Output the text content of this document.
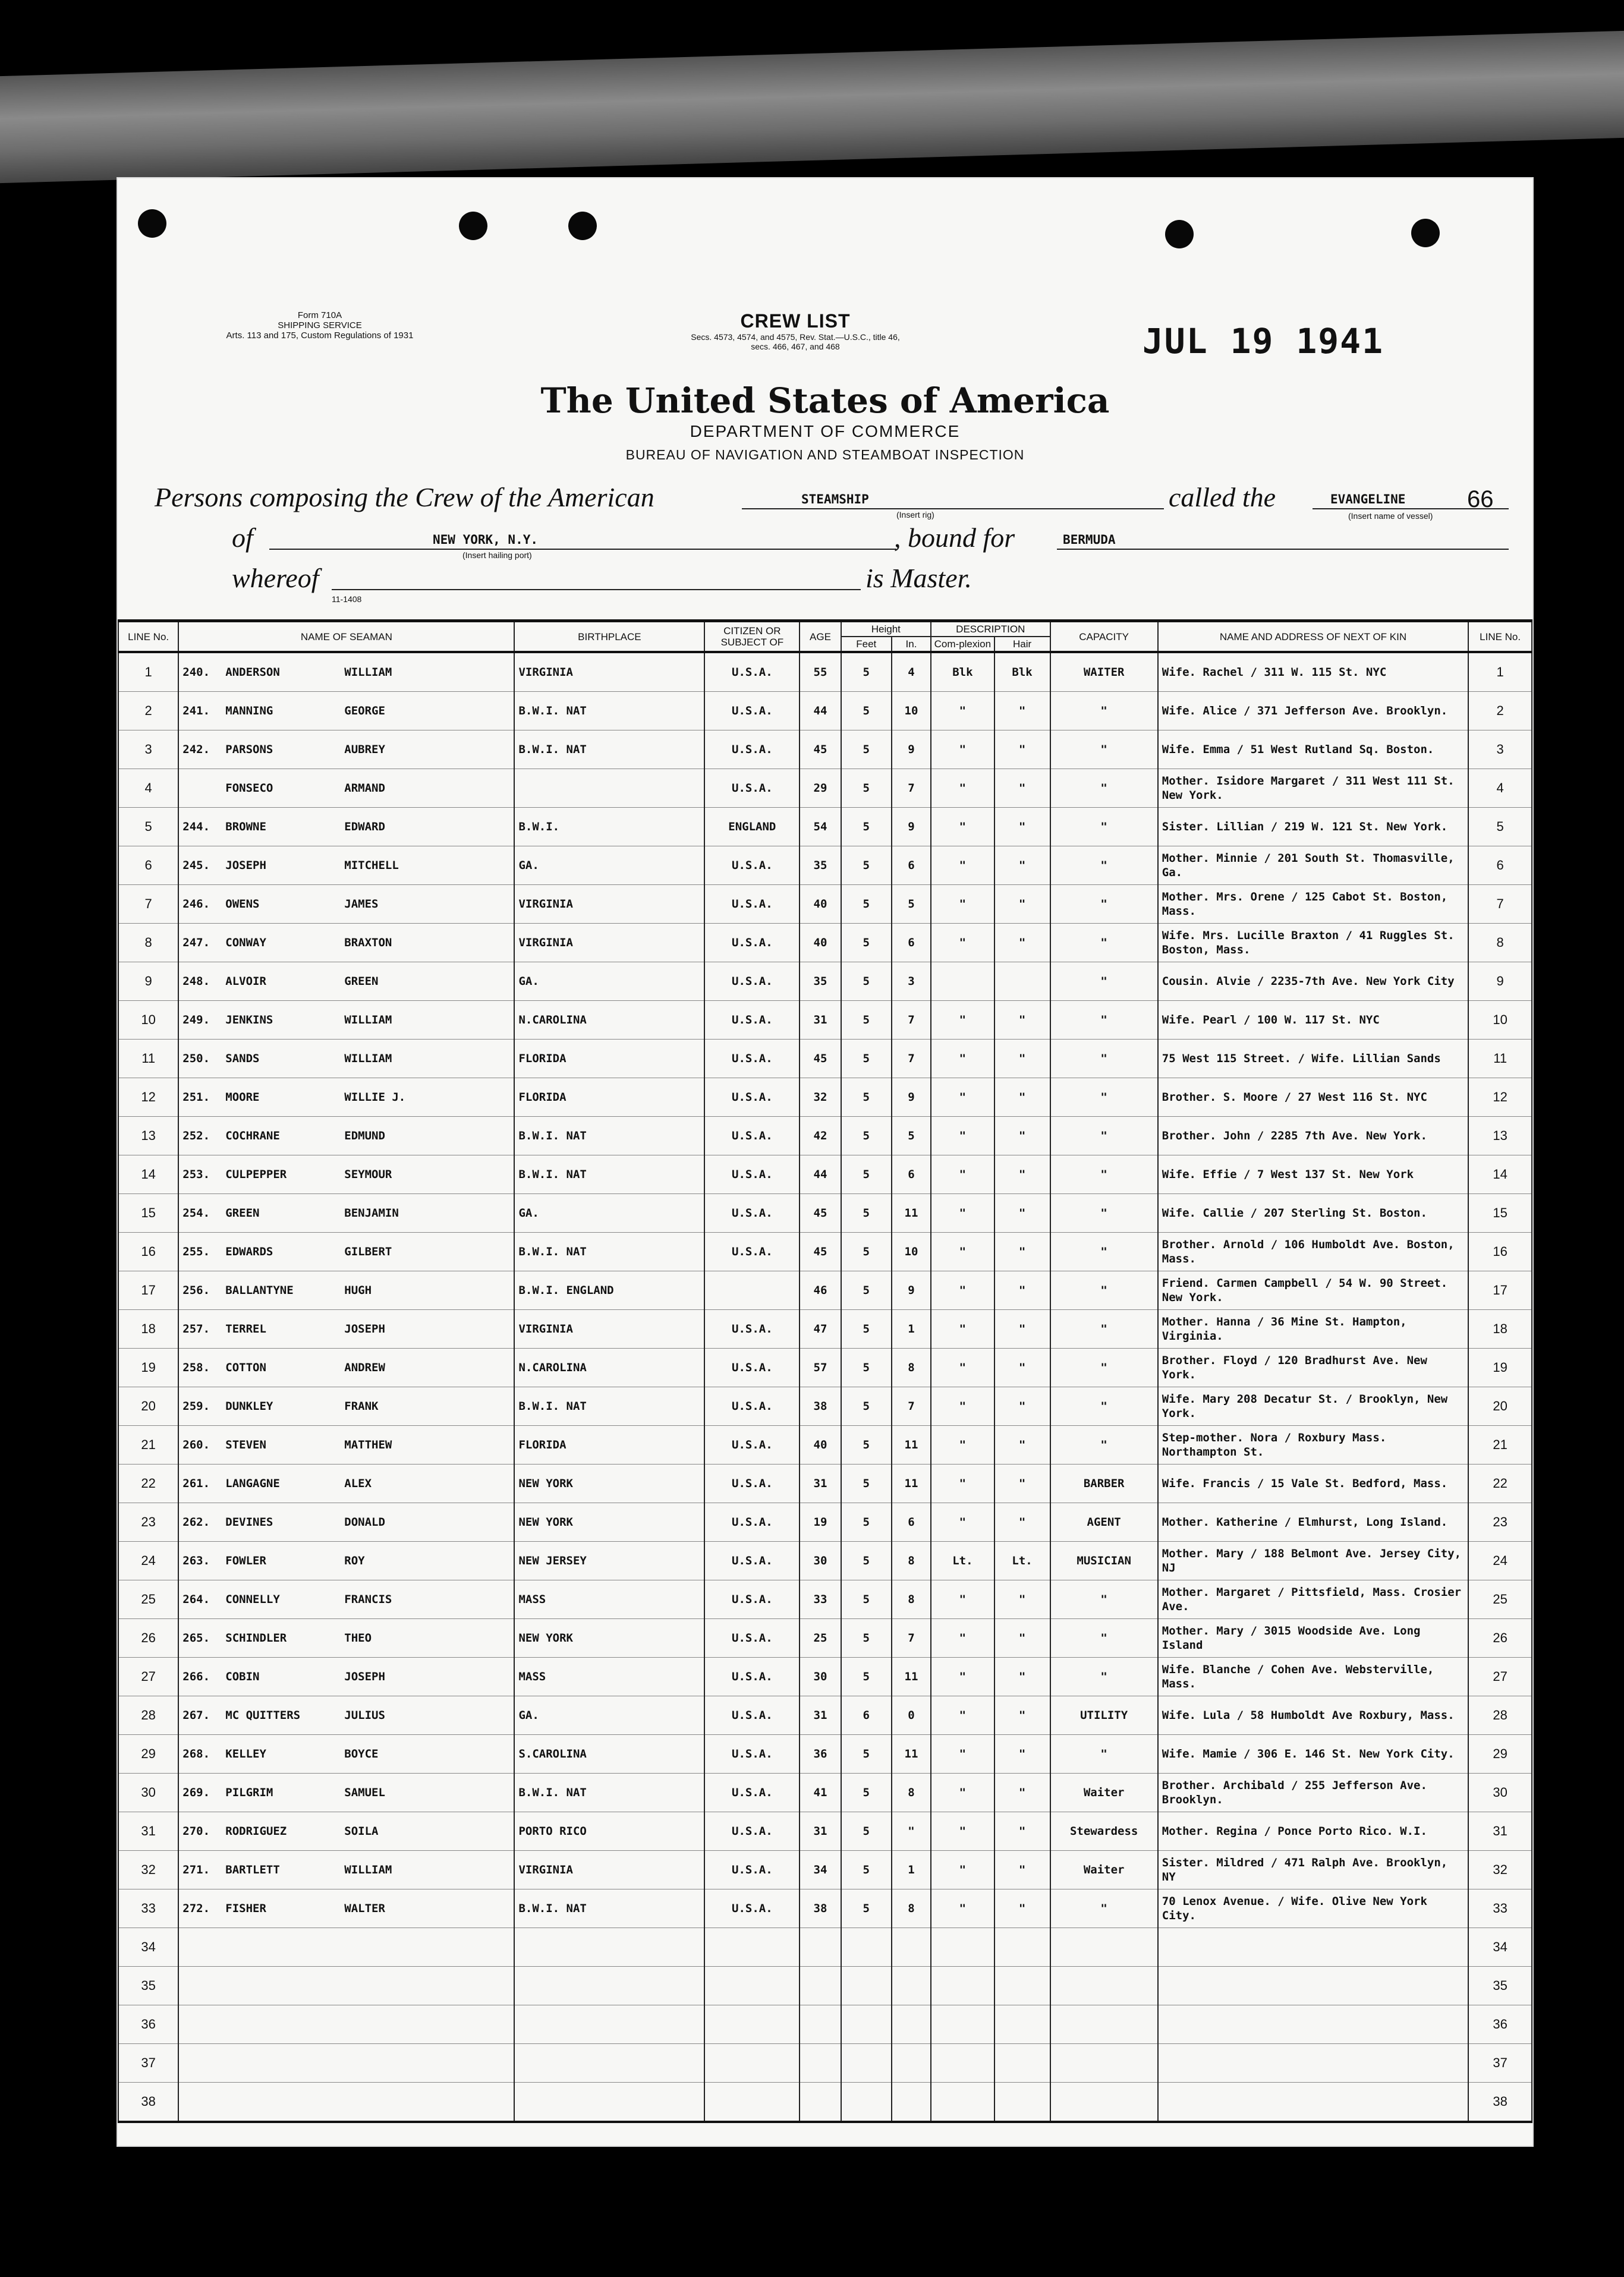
Form 710A
SHIPPING SERVICE
Arts. 113 and 175, Custom Regulations of 1931
CREW LIST
Secs. 4573, 4574, and 4575, Rev. Stat.—U.S.C., title 46,
secs. 466, 467, and 468	JUL 19 1941
The United States of America
DEPARTMENT OF COMMERCE
BUREAU OF NAVIGATION AND STEAMBOAT INSPECTION
Persons composing the Crew of the American	STEAMSHIP
(Insert rig)
called the	EVANGELINE	66
(Insert name of vessel)
of	NEW YORK, N.Y.
(Insert hailing port)
, bound for	BERMUDA
whereof	is Master.
11-1408
LINE No.	NAME OF SEAMAN	BIRTHPLACE	CITIZEN OR SUBJECT OF	AGE	Height		DESCRIPTION		CAPACITY	NAME AND ADDRESS OF NEXT OF KIN	LINE No.
					Feet	In.	Com-plexion	Hair			
1	240. ANDERSON WILLIAM	VIRGINIA	U.S.A.	55	5	4	Blk	Blk	WAITER	Wife. Rachel / 311 W. 115 St. NYC	1
2	241. MANNING GEORGE	B.W.I. NAT	U.S.A.	44	5	10	"	"	"	Wife. Alice / 371 Jefferson Ave. Brooklyn.	2
3	242. PARSONS AUBREY	B.W.I. NAT	U.S.A.	45	5	9	"	"	"	Wife. Emma / 51 West Rutland Sq. Boston.	3
4	FONSECO ARMAND		U.S.A.	29	5	7	"	"	"	Mother. Isidore Margaret / 311 West 111 St. New York.	4
5	244. BROWNE EDWARD	B.W.I.	ENGLAND	54	5	9	"	"	"	Sister. Lillian / 219 W. 121 St. New York.	5
6	245. JOSEPH MITCHELL	GA.	U.S.A.	35	5	6	"	"	"	Mother. Minnie / 201 South St. Thomasville, Ga.	6
7	246. OWENS JAMES	VIRGINIA	U.S.A.	40	5	5	"	"	"	Mother. Mrs. Orene / 125 Cabot St. Boston, Mass.	7
8	247. CONWAY BRAXTON	VIRGINIA	U.S.A.	40	5	6	"	"	"	Wife. Mrs. Lucille Braxton / 41 Ruggles St. Boston, Mass.	8
9	248. ALVOIR GREEN	GA.	U.S.A.	35	5	3			"	Cousin. Alvie / 2235-7th Ave. New York City	9
10	249. JENKINS WILLIAM	N.CAROLINA	U.S.A.	31	5	7	"	"	"	Wife. Pearl / 100 W. 117 St. NYC	10
11	250. SANDS WILLIAM	FLORIDA	U.S.A.	45	5	7	"	"	"	75 West 115 Street. / Wife. Lillian Sands	11
12	251. MOORE WILLIE J.	FLORIDA	U.S.A.	32	5	9	"	"	"	Brother. S. Moore / 27 West 116 St. NYC	12
13	252. COCHRANE EDMUND	B.W.I. NAT	U.S.A.	42	5	5	"	"	"	Brother. John / 2285 7th Ave. New York.	13
14	253. CULPEPPER SEYMOUR	B.W.I. NAT	U.S.A.	44	5	6	"	"	"	Wife. Effie / 7 West 137 St. New York	14
15	254. GREEN BENJAMIN	GA.	U.S.A.	45	5	11	"	"	"	Wife. Callie / 207 Sterling St. Boston.	15
16	255. EDWARDS GILBERT	B.W.I. NAT	U.S.A.	45	5	10	"	"	"	Brother. Arnold / 106 Humboldt Ave. Boston, Mass.	16
17	256. BALLANTYNE HUGH	B.W.I. ENGLAND		46	5	9	"	"	"	Friend. Carmen Campbell / 54 W. 90 Street. New York.	17
18	257. TERREL JOSEPH	VIRGINIA	U.S.A.	47	5	1	"	"	"	Mother. Hanna / 36 Mine St. Hampton, Virginia.	18
19	258. COTTON ANDREW	N.CAROLINA	U.S.A.	57	5	8	"	"	"	Brother. Floyd / 120 Bradhurst Ave. New York.	19
20	259. DUNKLEY FRANK	B.W.I. NAT	U.S.A.	38	5	7	"	"	"	Wife. Mary 208 Decatur St. / Brooklyn, New York.	20
21	260. STEVEN MATTHEW	FLORIDA	U.S.A.	40	5	11	"	"	"	Step-mother. Nora / Roxbury Mass. Northampton St.	21
22	261. LANGAGNE ALEX	NEW YORK	U.S.A.	31	5	11	"	"	BARBER	Wife. Francis / 15 Vale St. Bedford, Mass.	22
23	262. DEVINES DONALD	NEW YORK	U.S.A.	19	5	6	"	"	AGENT	Mother. Katherine / Elmhurst, Long Island.	23
24	263. FOWLER ROY	NEW JERSEY	U.S.A.	30	5	8	Lt.	Lt.	MUSICIAN	Mother. Mary / 188 Belmont Ave. Jersey City, NJ	24
25	264. CONNELLY FRANCIS	MASS	U.S.A.	33	5	8	"	"	"	Mother. Margaret / Pittsfield, Mass. Crosier Ave.	25
26	265. SCHINDLER THEO	NEW YORK	U.S.A.	25	5	7	"	"	"	Mother. Mary / 3015 Woodside Ave. Long Island	26
27	266. COBIN JOSEPH	MASS	U.S.A.	30	5	11	"	"	"	Wife. Blanche / Cohen Ave. Websterville, Mass.	27
28	267. MC QUITTERS JULIUS	GA.	U.S.A.	31	6	0	"	"	UTILITY	Wife. Lula / 58 Humboldt Ave Roxbury, Mass.	28
29	268. KELLEY BOYCE	S.CAROLINA	U.S.A.	36	5	11	"	"	"	Wife. Mamie / 306 E. 146 St. New York City.	29
30	269. PILGRIM SAMUEL	B.W.I. NAT	U.S.A.	41	5	8	"	"	Waiter	Brother. Archibald / 255 Jefferson Ave. Brooklyn.	30
31	270. RODRIGUEZ SOILA	PORTO RICO	U.S.A.	31	5	"	"	"	Stewardess	Mother. Regina / Ponce Porto Rico. W.I.	31
32	271. BARTLETT WILLIAM	VIRGINIA	U.S.A.	34	5	1	"	"	Waiter	Sister. Mildred / 471 Ralph Ave. Brooklyn, NY	32
33	272. FISHER WALTER	B.W.I. NAT	U.S.A.	38	5	8	"	"	"	70 Lenox Avenue. / Wife. Olive New York City.	33
34											34
35											35
36											36
37											37
38											38
